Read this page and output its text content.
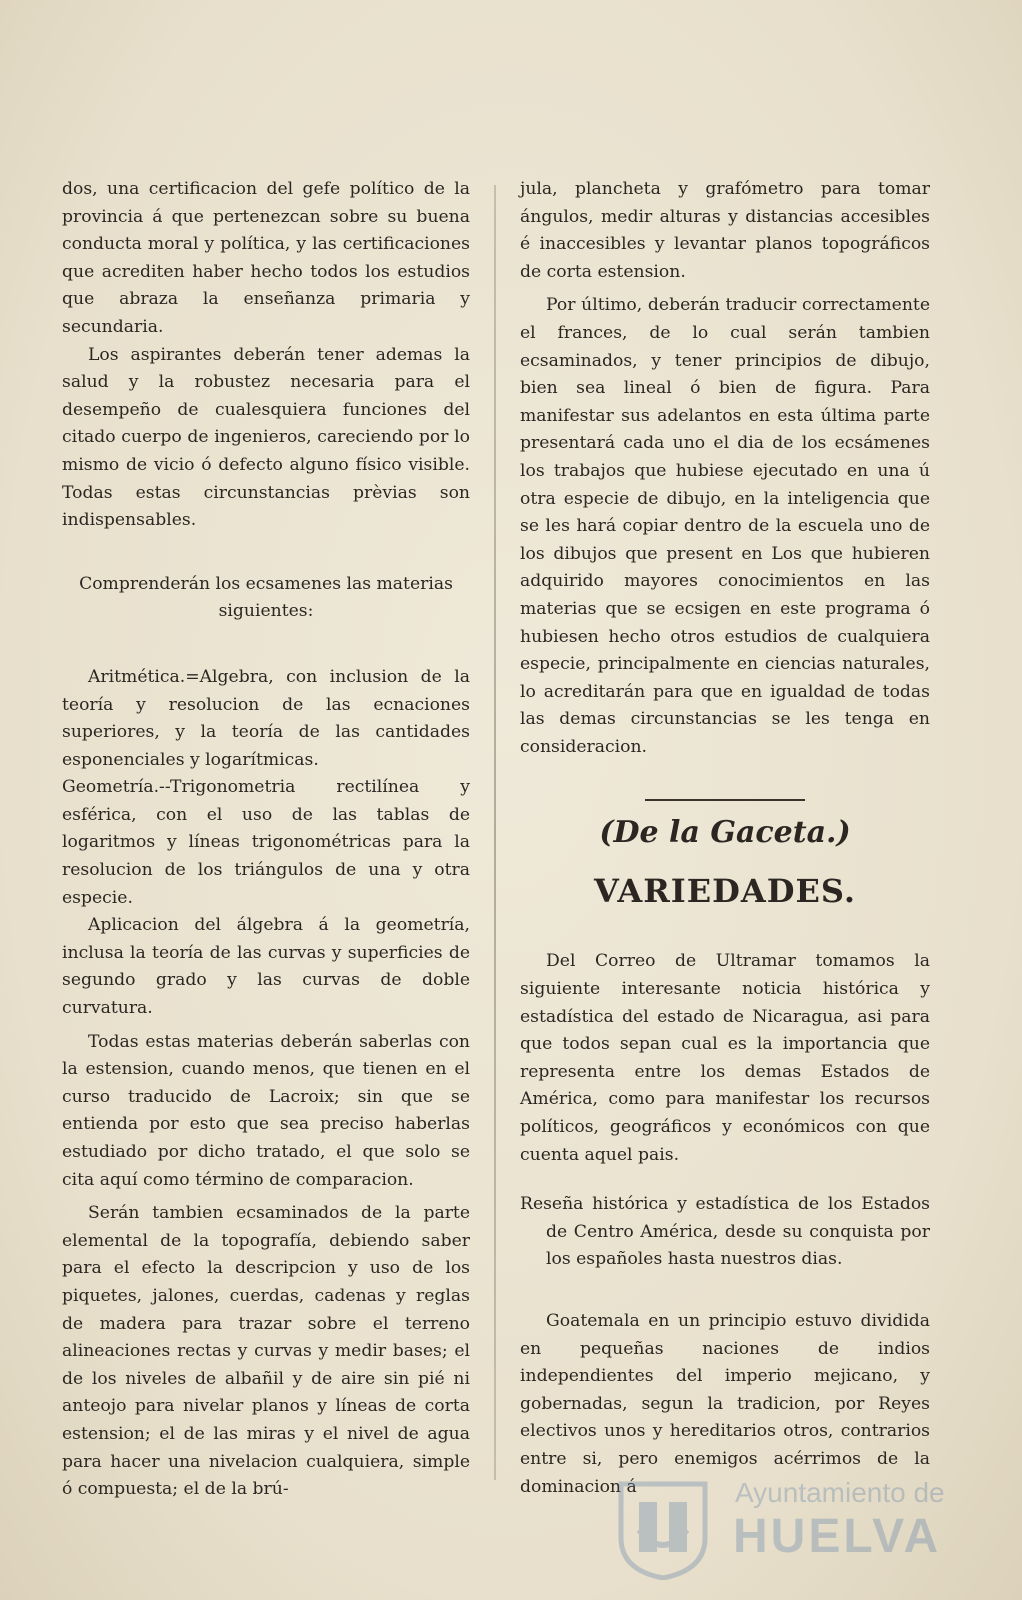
dos, una certificacion del gefe político de la provincia á que pertenezcan sobre su buena conducta moral y política, y las certificaciones que acrediten haber hecho todos los estudios que abraza la enseñanza primaria y secundaria.

Los aspirantes deberán tener ademas la salud y la robustez necesaria para el desempeño de cualesquiera funciones del citado cuerpo de ingenieros, careciendo por lo mismo de vicio ó defecto alguno físico visible. Todas estas circunstancias prèvias son indispensables.

Comprenderán los ecsamenes las materias siguientes:

Aritmética.=Algebra, con inclusion de la teoría y resolucion de las ecnaciones superiores, y la teoría de las cantidades esponenciales y logarítmicas.

Geometría.--Trigonometria rectilínea y esférica, con el uso de las tablas de logaritmos y líneas trigonométricas para la resolucion de los triángulos de una y otra especie.

Aplicacion del álgebra á la geometría, inclusa la teoría de las curvas y superficies de segundo grado y las curvas de doble curvatura.

Todas estas materias deberán saberlas con la estension, cuando menos, que tienen en el curso traducido de Lacroix; sin que se entienda por esto que sea preciso haberlas estudiado por dicho tratado, el que solo se cita aquí como término de comparacion.

Serán tambien ecsaminados de la parte elemental de la topografía, debiendo saber para el efecto la descripcion y uso de los piquetes, jalones, cuerdas, cadenas y reglas de madera para trazar sobre el terreno alineaciones rectas y curvas y medir bases; el de los niveles de albañil y de aire sin pié ni anteojo para nivelar planos y líneas de corta estension; el de las miras y el nivel de agua para hacer una nivelacion cualquiera, simple ó compuesta; el de la brú-

jula, plancheta y grafómetro para tomar ángulos, medir alturas y distancias accesibles é inaccesibles y levantar planos topográficos de corta estension.

Por último, deberán traducir correctamente el frances, de lo cual serán tambien ecsaminados, y tener principios de dibujo, bien sea lineal ó bien de figura. Para manifestar sus adelantos en esta última parte presentará cada uno el dia de los ecsámenes los trabajos que hubiese ejecutado en una ú otra especie de dibujo, en la inteligencia que se les hará copiar dentro de la escuela uno de los dibujos que present en Los que hubieren adquirido mayores conocimientos en las materias que se ecsigen en este programa ó hubiesen hecho otros estudios de cualquiera especie, principalmente en ciencias naturales, lo acreditarán para que en igualdad de todas las demas circunstancias se les tenga en consideracion.

(De la Gaceta.)
VARIEDADES.

Del Correo de Ultramar tomamos la siguiente interesante noticia histórica y estadística del estado de Nicaragua, asi para que todos sepan cual es la importancia que representa entre los demas Estados de América, como para manifestar los recursos políticos, geográficos y económicos con que cuenta aquel pais.

Reseña histórica y estadística de los Estados de Centro América, desde su conquista por los españoles hasta nuestros dias.

Goatemala en un principio estuvo dividida en pequeñas naciones de indios independientes del imperio mejicano, y gobernadas, segun la tradicion, por Reyes electivos unos y hereditarios otros, contrarios entre si, pero enemigos acérrimos de la dominacion á	Ayuntamiento de
HUELVA
